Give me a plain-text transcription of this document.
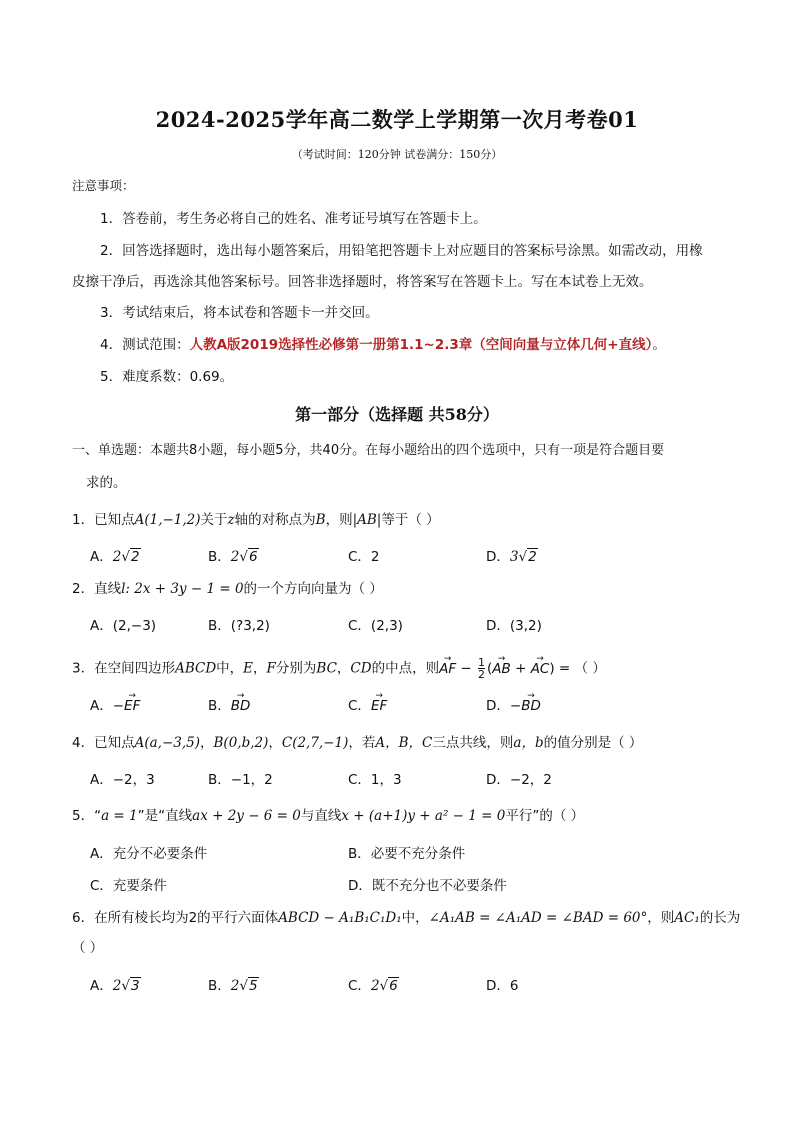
2024-2025学年高二数学上学期第一次月考卷01
（考试时间：120分钟 试卷满分：150分）
注意事项：
1．答卷前，考生务必将自己的姓名、准考证号填写在答题卡上。
2．回答选择题时，选出每小题答案后，用铅笔把答题卡上对应题目的答案标号涂黑。如需改动，用橡
皮擦干净后，再选涂其他答案标号。回答非选择题时，将答案写在答题卡上。写在本试卷上无效。
3．考试结束后，将本试卷和答题卡一并交回。
4．测试范围：人教A版2019选择性必修第一册第1.1~2.3章（空间向量与立体几何+直线）。
5．难度系数：0.69。
第一部分（选择题 共58分）
一、单选题：本题共8小题，每小题5分，共40分。在每小题给出的四个选项中，只有一项是符合题目要
求的。
1．已知点A(1,−1,2)关于z轴的对称点为B，则|AB|等于（ ）
A．2√2	B．2√6	C．2	D．3√2
2．直线l: 2x + 3y − 1 = 0的一个方向向量为（ ）
A．(2,−3)	B．(?3,2)	C．(2,3)	D．(3,2)
3．在空间四边形ABCD中，E，F分别为BC，CD的中点，则→ AF − $\frac{1}{2}$ (→ AB + → AC) = （ ）
A．−→ EF	B．→ BD	C．→ EF	D．−→ BD
4．已知点A(a,−3,5)，B(0,b,2)，C(2,7,−1)，若A，B，C三点共线，则a，b的值分别是（ ）
A．−2，3	B．−1，2	C．1，3	D．−2，2
5．“a = 1”是“直线ax + 2y − 6 = 0与直线x + (a+1)y + a² − 1 = 0平行”的（ ）
A．充分不必要条件	B．必要不充分条件
C．充要条件	D．既不充分也不必要条件
6．在所有棱长均为2的平行六面体ABCD − A₁B₁C₁D₁中，∠A₁AB = ∠A₁AD = ∠BAD = 60°，则AC₁的长为
（ ）
A．2√3	B．2√5	C．2√6	D．6
